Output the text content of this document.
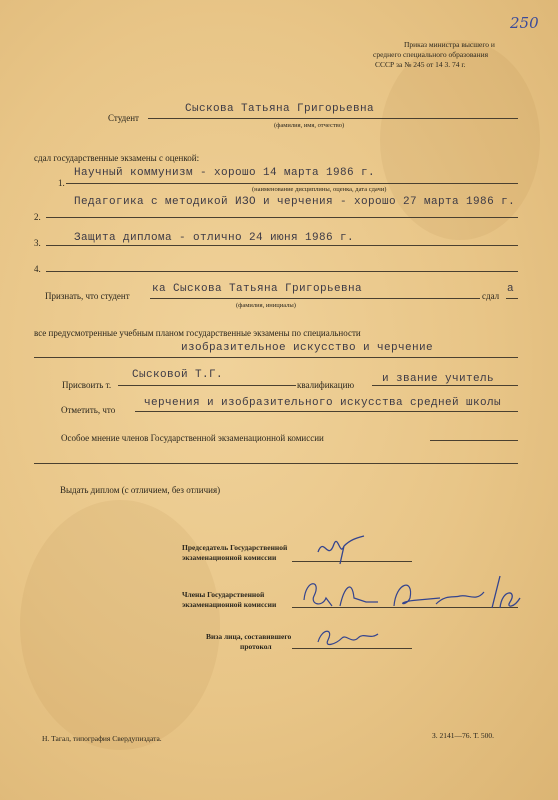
250
Приказ министра высшего и
среднего специального образования
СССР за № 245 от 14 3. 74 г.
Студент
Сыскова Татьяна Григорьевна
(фамилия, имя, отчество)
сдал государственные экзамены с оценкой:
1.
Научный коммунизм - хорошо 14 марта 1986 г.
(наименование дисциплины, оценка, дата сдачи)
Педагогика с методикой ИЗО и черчения - хорошо 27 марта 1986 г.
2.
3.	Защита диплома - отлично 24 июня 1986 г.
4.
Признать, что студент
ка Сыскова Татьяна Григорьевна
сдал
а
(фамилия, инициалы)
все предусмотренные учебным планом государственные экзамены по специальности
изобразительное искусство и черчение
Присвоить т.
Сысковой Т.Г.
квалификацию	и звание учитель
Отметить, что
черчения и изобразительного искусства средней школы
Особое мнение членов Государственной экзаменационной комиссии
Выдать диплом (с отличием, без отличия)
Председатель Государственной
экзаменационной комиссии
Члены Государственной
экзаменационной комиссии
Виза лица, составившего
протокол
Н. Тагал, типография Свердупиздата.	З. 2141—76. Т. 500.
